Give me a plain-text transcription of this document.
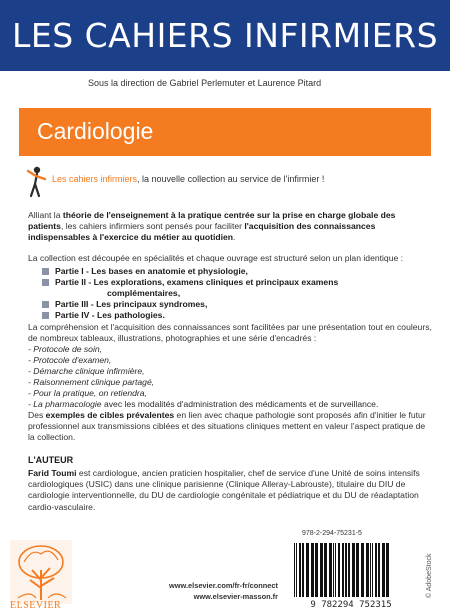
LES CAHIERS INFIRMIERS
Sous la direction de Gabriel Perlemuter et Laurence Pitard
Cardiologie
Les cahiers infirmiers , la nouvelle collection au service de l'infirmier !
Alliant la théorie de l'enseignement à la pratique centrée sur la prise en charge globale des patients, les cahiers infirmiers sont pensés pour faciliter l'acquisition des connaissances indispensables à l'exercice du métier au quotidien.
La collection est découpée en spécialités et chaque ouvrage est structuré selon un plan identique :
Partie I - Les bases en anatomie et physiologie,
Partie II - Les explorations, examens cliniques et principaux examens
complémentaires,
Partie III - Les principaux syndromes,
Partie IV - Les pathologies.
La compréhension et l'acquisition des connaissances sont facilitées par une présentation tout en couleurs, de nombreux tableaux, illustrations, photographies et une série d'encadrés :
- Protocole de soin,
- Protocole d'examen,
- Démarche clinique infirmière,
- Raisonnement clinique partagé,
- Pour la pratique, on retiendra,
- La pharmacologie avec les modalités d'administration des médicaments et de surveillance.
Des exemples de cibles prévalentes en lien avec chaque pathologie sont proposés afin d'initier le futur professionnel aux transmissions ciblées et des situations cliniques mettent en valeur l'aspect pratique de la collection.
L'AUTEUR
Farid Toumi est cardiologue, ancien praticien hospitalier, chef de service d'une Unité de soins intensifs cardiologiques (USIC) dans une clinique parisienne (Clinique Alleray-Labrouste), titulaire du DIU de cardiologie interventionnelle, du DU de cardiologie congénitale et pédiatrique et du DU de réadaptation cardio-vasculaire.
978-2-294-75231-5
9 782294 752315
© AdobeStock
ELSEVIER
www.elsevier.com/fr-fr/connect
www.elsevier-masson.fr
